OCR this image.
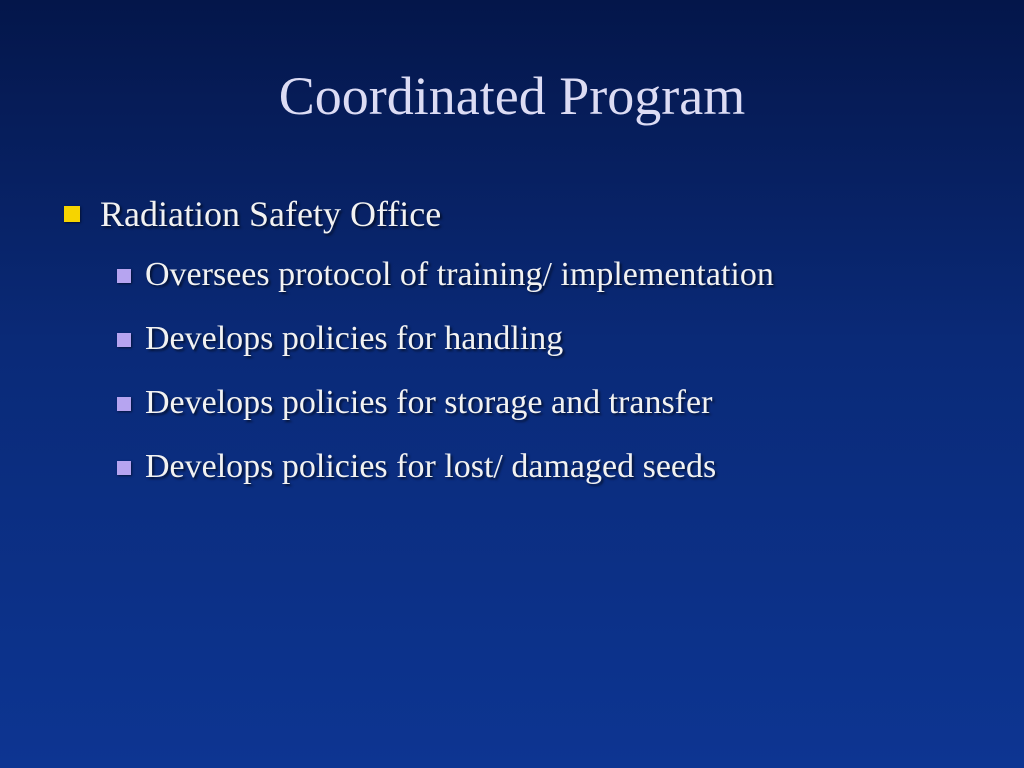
Coordinated Program
Radiation Safety Office
Oversees protocol of training/ implementation
Develops policies for handling
Develops policies for storage and transfer
Develops policies for lost/ damaged seeds
